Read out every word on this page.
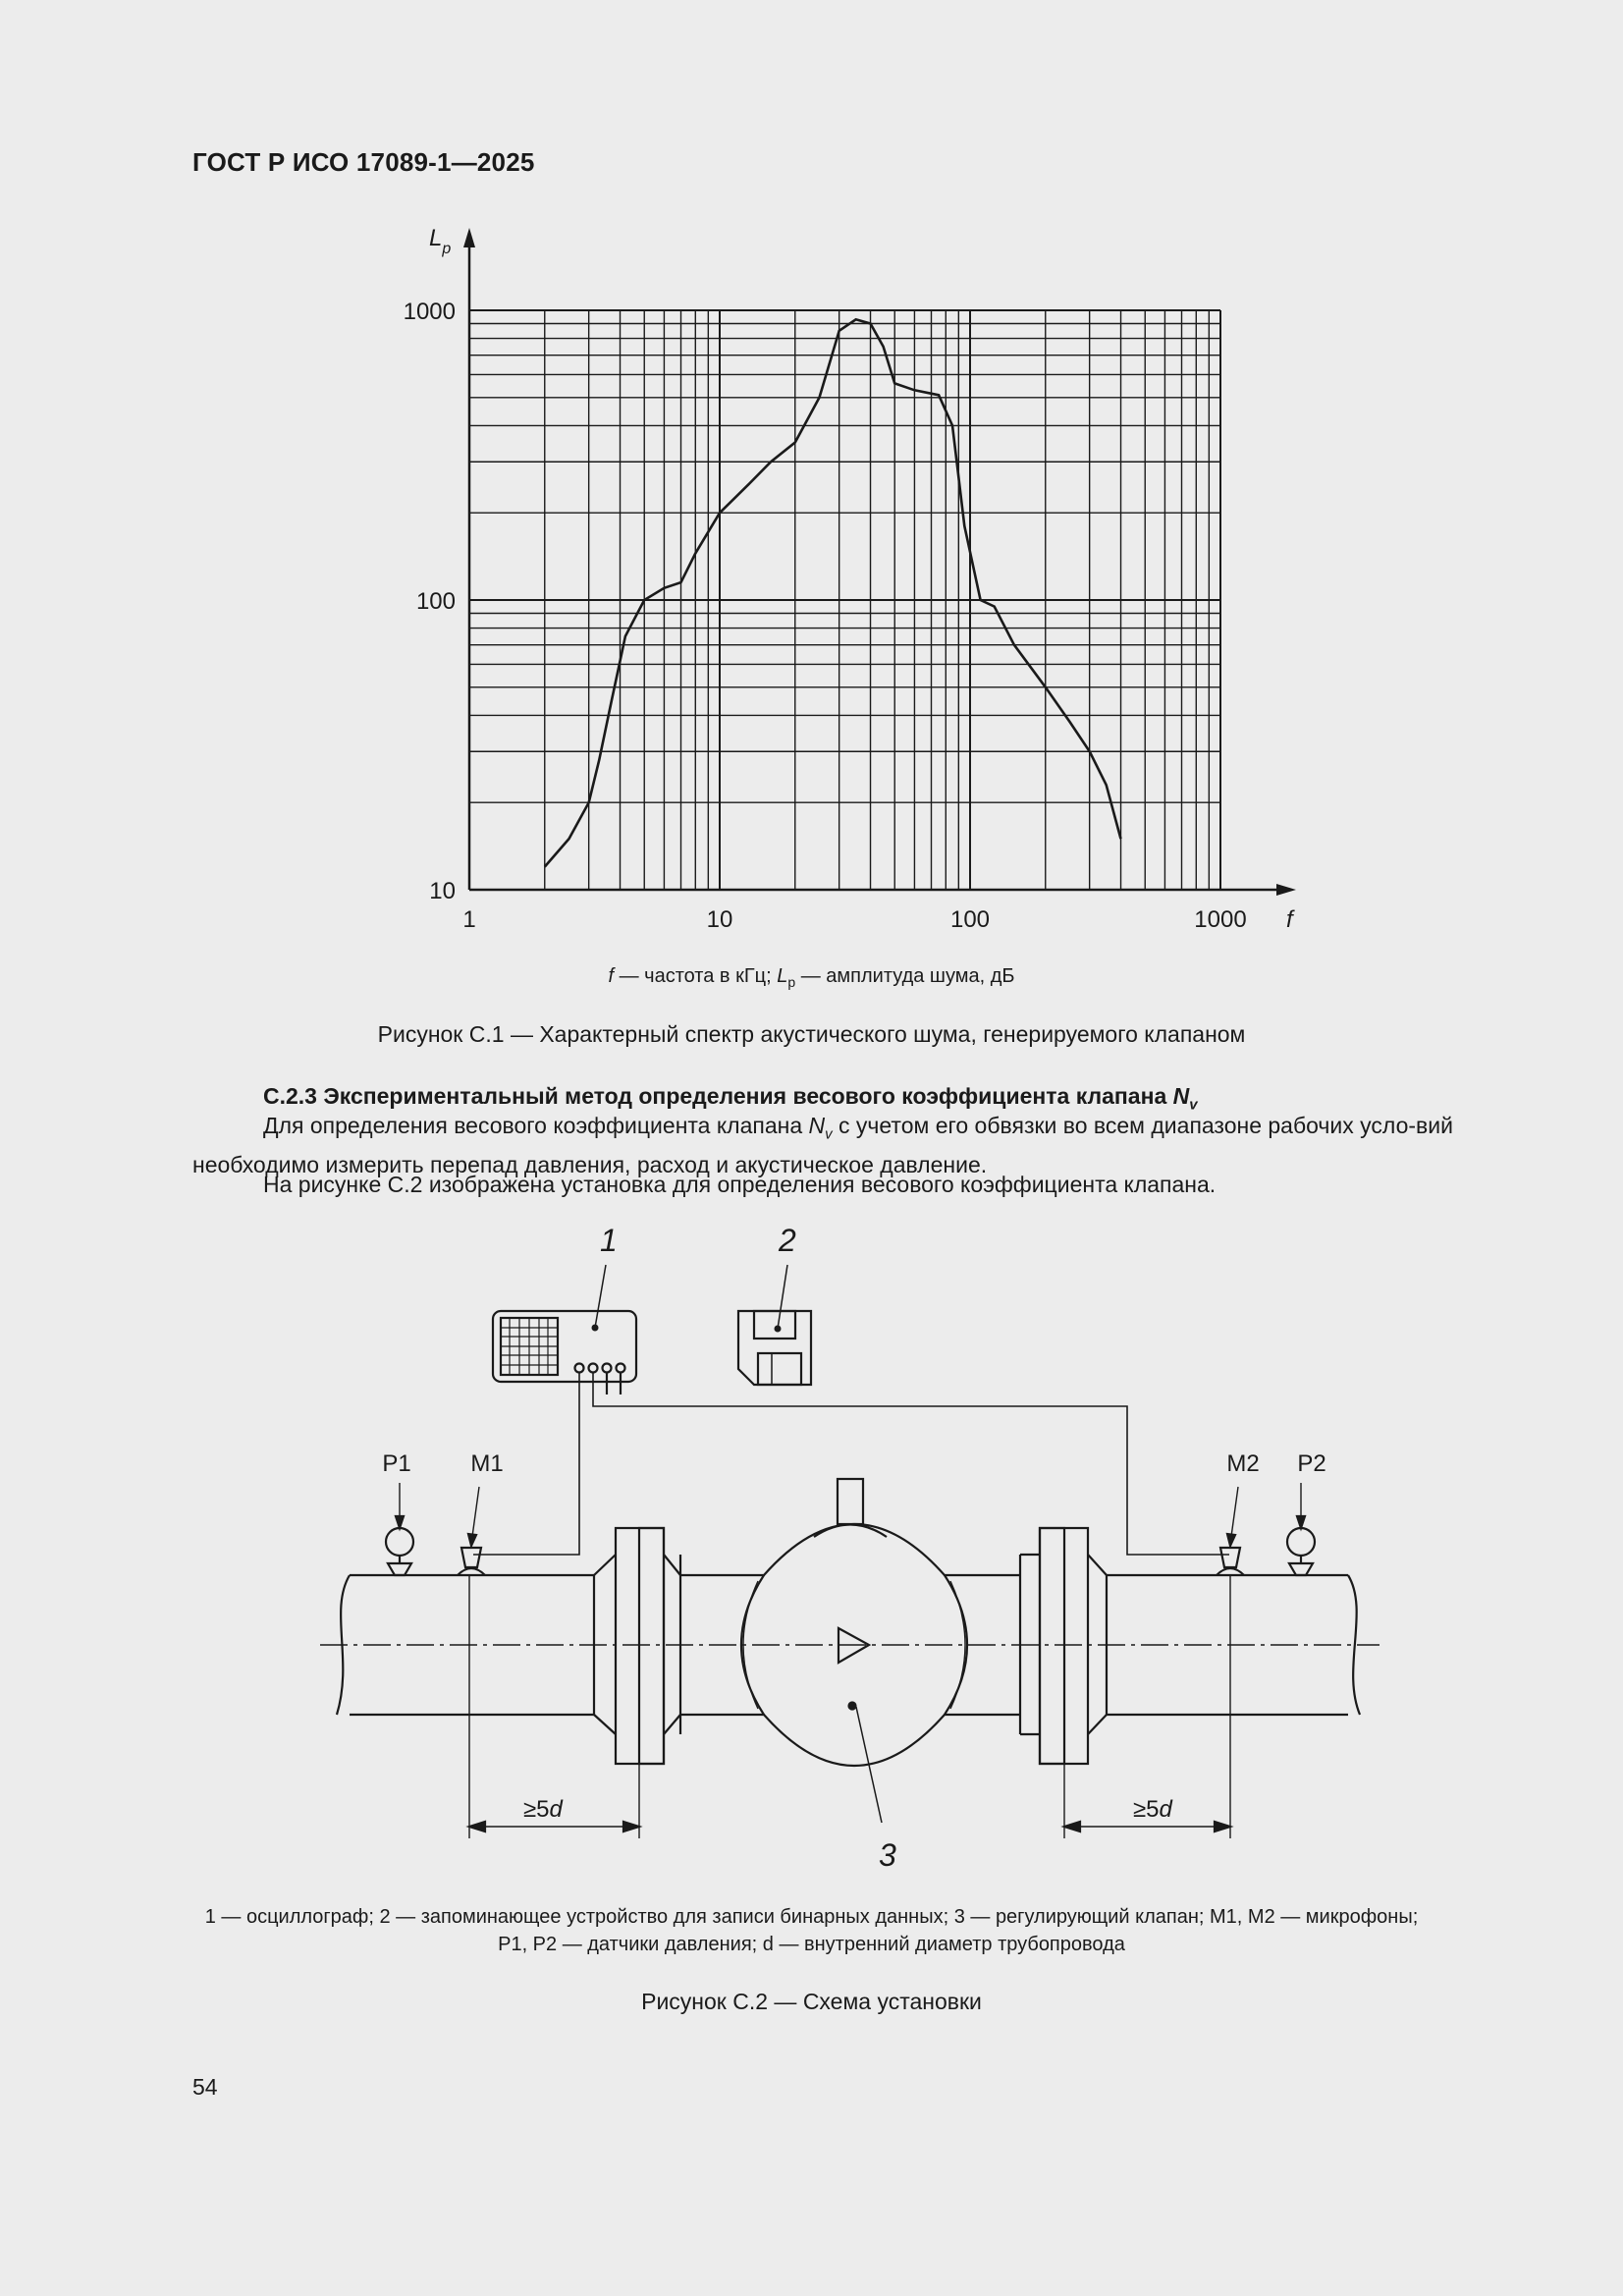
ГОСТ Р ИСО 17089-1—2025
1	10	100	1000
10
100
1000
$L_p$
f
f — частота в кГц; $L_p$ — амплитуда шума, дБ
Рисунок С.1 — Характерный спектр акустического шума, генерируемого клапаном
С.2.3 Экспериментальный метод определения весового коэффициента клапана $N_v$
Для определения весового коэффициента клапана $N_v$ с учетом его обвязки во всем диапазоне рабочих усло-вий необходимо измерить перепад давления, расход и акустическое давление.
На рисунке С.2 изображена установка для определения весового коэффициента клапана.
1	2
3
P1	M1	M2 P2
≥5d	≥5d
1 — осциллограф; 2 — запоминающее устройство для записи бинарных данных; 3 — регулирующий клапан; М1, М2 — микрофоны;
Р1, Р2 — датчики давления; d — внутренний диаметр трубопровода
Рисунок С.2 — Схема установки
54
